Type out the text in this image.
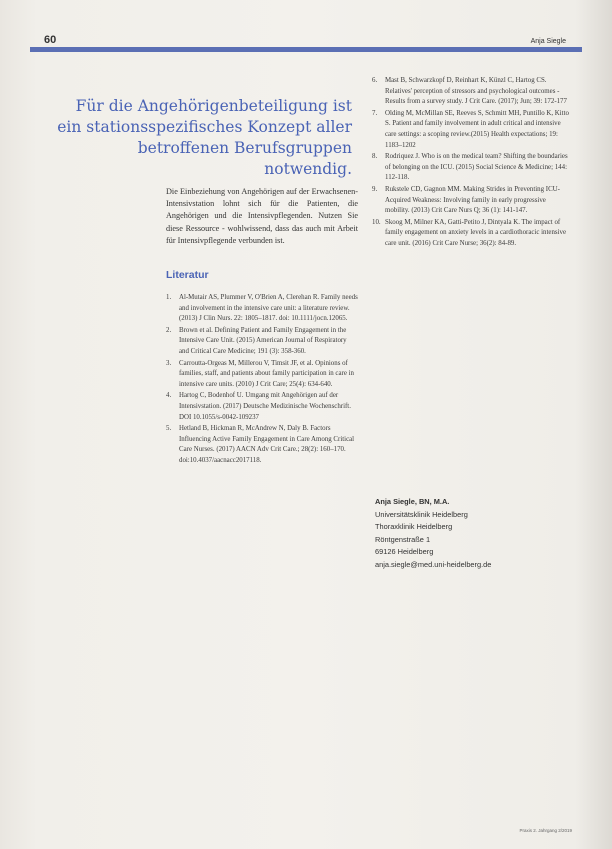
60	Anja Siegle
Für die Angehörigenbeteiligung ist ein stationsspezifisches Konzept aller betroffenen Berufsgruppen notwendig.

Die Einbeziehung von Angehörigen auf der Erwachsenen-Intensivstation lohnt sich für die Patienten, die Angehörigen und die Intensivpflegenden. Nutzen Sie diese Ressource - wohlwissend, dass das auch mit Arbeit für Intensivpflegende verbunden ist.

Literatur
1. Al-Mutair AS, Plummer V, O'Brien A, Clerehan R. Family needs and involvement in the intensive care unit: a literature review. (2013) J Clin Nurs. 22: 1805–1817. doi: 10.1111/jocn.12065.
2. Brown et al. Defining Patient and Family Engagement in the Intensive Care Unit. (2015) American Journal of Respiratory and Critical Care Medicine; 191 (3): 358-360.
3. Carroutta-Orgeas M, Millerou V, Timsit JF, et al. Opinions of families, staff, and patients about family participation in care in intensive care units. (2010) J Crit Care; 25(4): 634-640.
4. Hartog C, Bodenhof U. Umgang mit Angehörigen auf der Intensivstation. (2017) Deutsche Medizinische Wochenschrift. DOI 10.1055/s-0042-109237
5. Hetland B, Hickman R, McAndrew N, Daly B. Factors Influencing Active Family Engagement in Care Among Critical Care Nurses. (2017) AACN Adv Crit Care.; 28(2): 160–170. doi:10.4037/aacnacc2017118.
6. Mast B, Schwarzkopf D, Reinhart K, Künzl C, Hartog CS. Relatives' perception of stressors and psychological outcomes - Results from a survey study. J Crit Care. (2017); Jun; 39: 172-177
7. Olding M, McMillan SE, Reeves S, Schmitt MH, Puntillo K, Kitto S. Patient and family involvement in adult critical and intensive care settings: a scoping review.(2015) Health expectations; 19: 1183–1202
8. Rodriquez J. Who is on the medical team? Shifting the boundaries of belonging on the ICU. (2015) Social Science & Medicine; 144: 112-118.
9. Rukstele CD, Gagnon MM. Making Strides in Preventing ICU-Acquired Weakness: Involving family in early progressive mobility. (2013) Crit Care Nurs Q; 36 (1): 141-147.
10. Skoog M, Milner KA, Gatti-Petito J, Dintyala K. The impact of family engagement on anxiety levels in a cardiothoracic intensive care unit. (2016) Crit Care Nurse; 36(2): 84-89.
Anja Siegle, BN, M.A.
Universitätsklinik Heidelberg
Thoraxklinik Heidelberg
Röntgenstraße 1
69126 Heidelberg
anja.siegle@med.uni-heidelberg.de
Praxis 2. Jahrgang 2/2019
